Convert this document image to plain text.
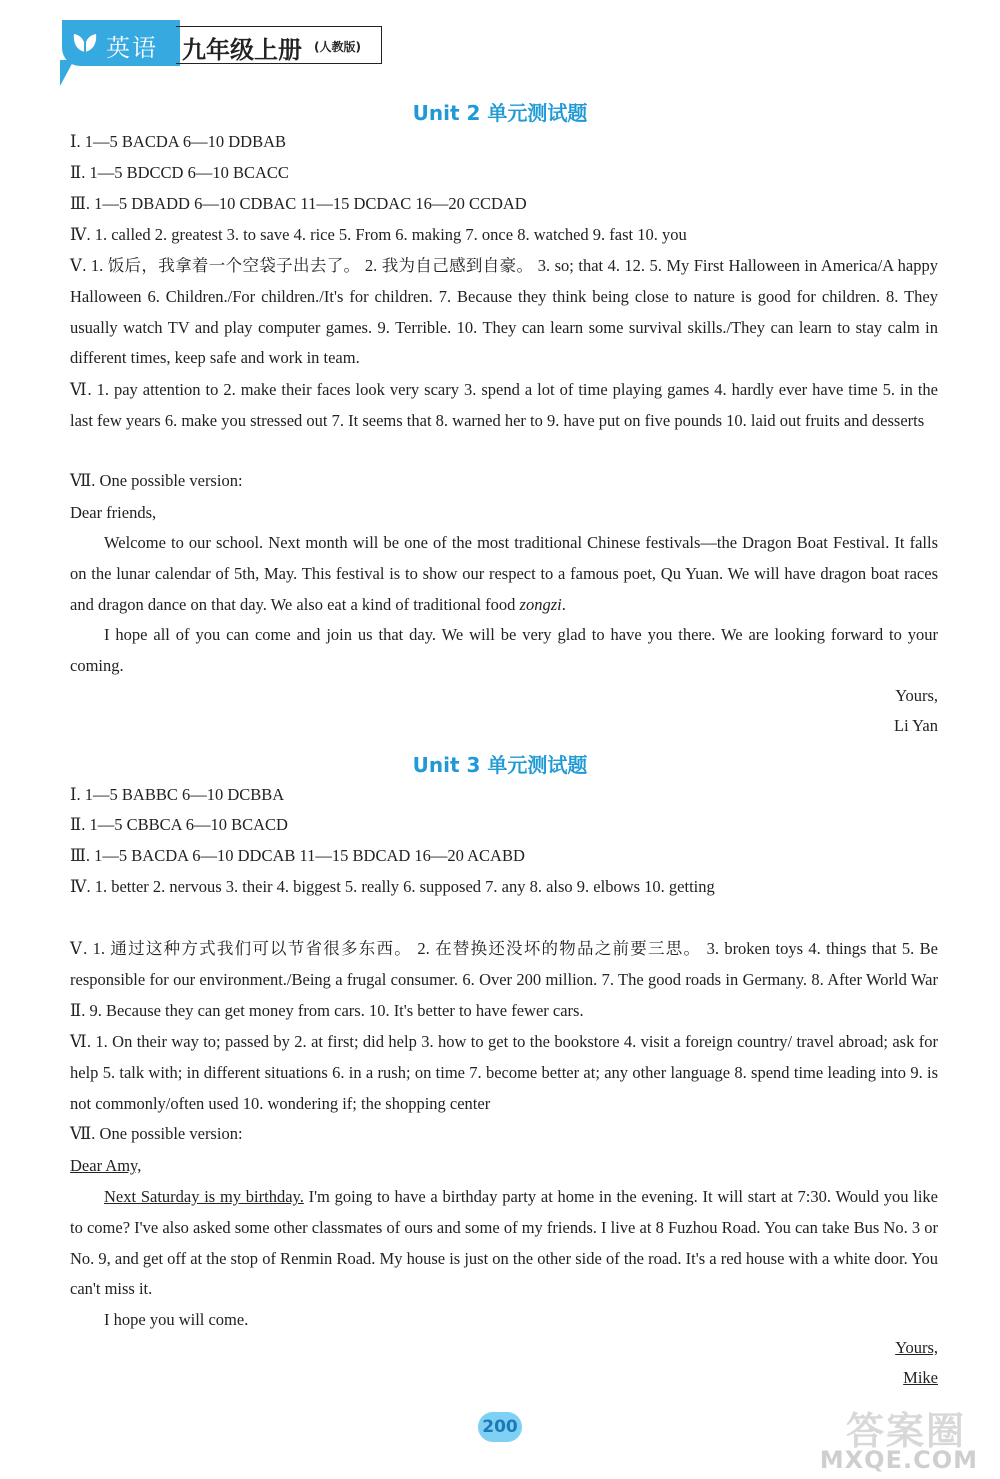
英语 九年级上册 (人教版)
Unit 2 单元测试题
Ⅰ. 1—5 BACDA 6—10 DDBAB
Ⅱ. 1—5 BDCCD 6—10 BCACC
Ⅲ. 1—5 DBADD 6—10 CDBAC 11—15 DCDAC 16—20 CCDAD
Ⅳ. 1. called 2. greatest 3. to save 4. rice 5. From 6. making 7. once 8. watched 9. fast 10. you
Ⅴ. 1. 饭后，我拿着一个空袋子出去了。 2. 我为自己感到自豪。 3. so; that 4. 12. 5. My First Halloween in America/A happy Halloween 6. Children./For children./It's for children. 7. Because they think being close to nature is good for children. 8. They usually watch TV and play computer games. 9. Terrible. 10. They can learn some survival skills./They can learn to stay calm in different times, keep safe and work in team.
Ⅵ. 1. pay attention to 2. make their faces look very scary 3. spend a lot of time playing games 4. hardly ever have time 5. in the last few years 6. make you stressed out 7. It seems that 8. warned her to 9. have put on five pounds 10. laid out fruits and desserts
Ⅶ. One possible version:
Dear friends,
Welcome to our school. Next month will be one of the most traditional Chinese festivals—the Dragon Boat Festival. It falls on the lunar calendar of 5th, May. This festival is to show our respect to a famous poet, Qu Yuan. We will have dragon boat races and dragon dance on that day. We also eat a kind of traditional food zongzi.
I hope all of you can come and join us that day. We will be very glad to have you there. We are looking forward to your coming.
Yours,
Li Yan
Unit 3 单元测试题
Ⅰ. 1—5 BABBC 6—10 DCBBA
Ⅱ. 1—5 CBBCA 6—10 BCACD
Ⅲ. 1—5 BACDA 6—10 DDCAB 11—15 BDCAD 16—20 ACABD
Ⅳ. 1. better 2. nervous 3. their 4. biggest 5. really 6. supposed 7. any 8. also 9. elbows 10. getting
Ⅴ. 1. 通过这种方式我们可以节省很多东西。 2. 在替换还没坏的物品之前要三思。 3. broken toys 4. things that 5. Be responsible for our environment./Being a frugal consumer. 6. Over 200 million. 7. The good roads in Germany. 8. After World War Ⅱ. 9. Because they can get money from cars. 10. It's better to have fewer cars.
Ⅵ. 1. On their way to; passed by 2. at first; did help 3. how to get to the bookstore 4. visit a foreign country/ travel abroad; ask for help 5. talk with; in different situations 6. in a rush; on time 7. become better at; any other language 8. spend time leading into 9. is not commonly/often used 10. wondering if; the shopping center
Ⅶ. One possible version:
Dear Amy,
Next Saturday is my birthday. I'm going to have a birthday party at home in the evening. It will start at 7:30. Would you like to come? I've also asked some other classmates of ours and some of my friends. I live at 8 Fuzhou Road. You can take Bus No. 3 or No. 9, and get off at the stop of Renmin Road. My house is just on the other side of the road. It's a red house with a white door. You can't miss it.
I hope you will come.
Yours,
Mike
200	答案圈
MXQE.COM
